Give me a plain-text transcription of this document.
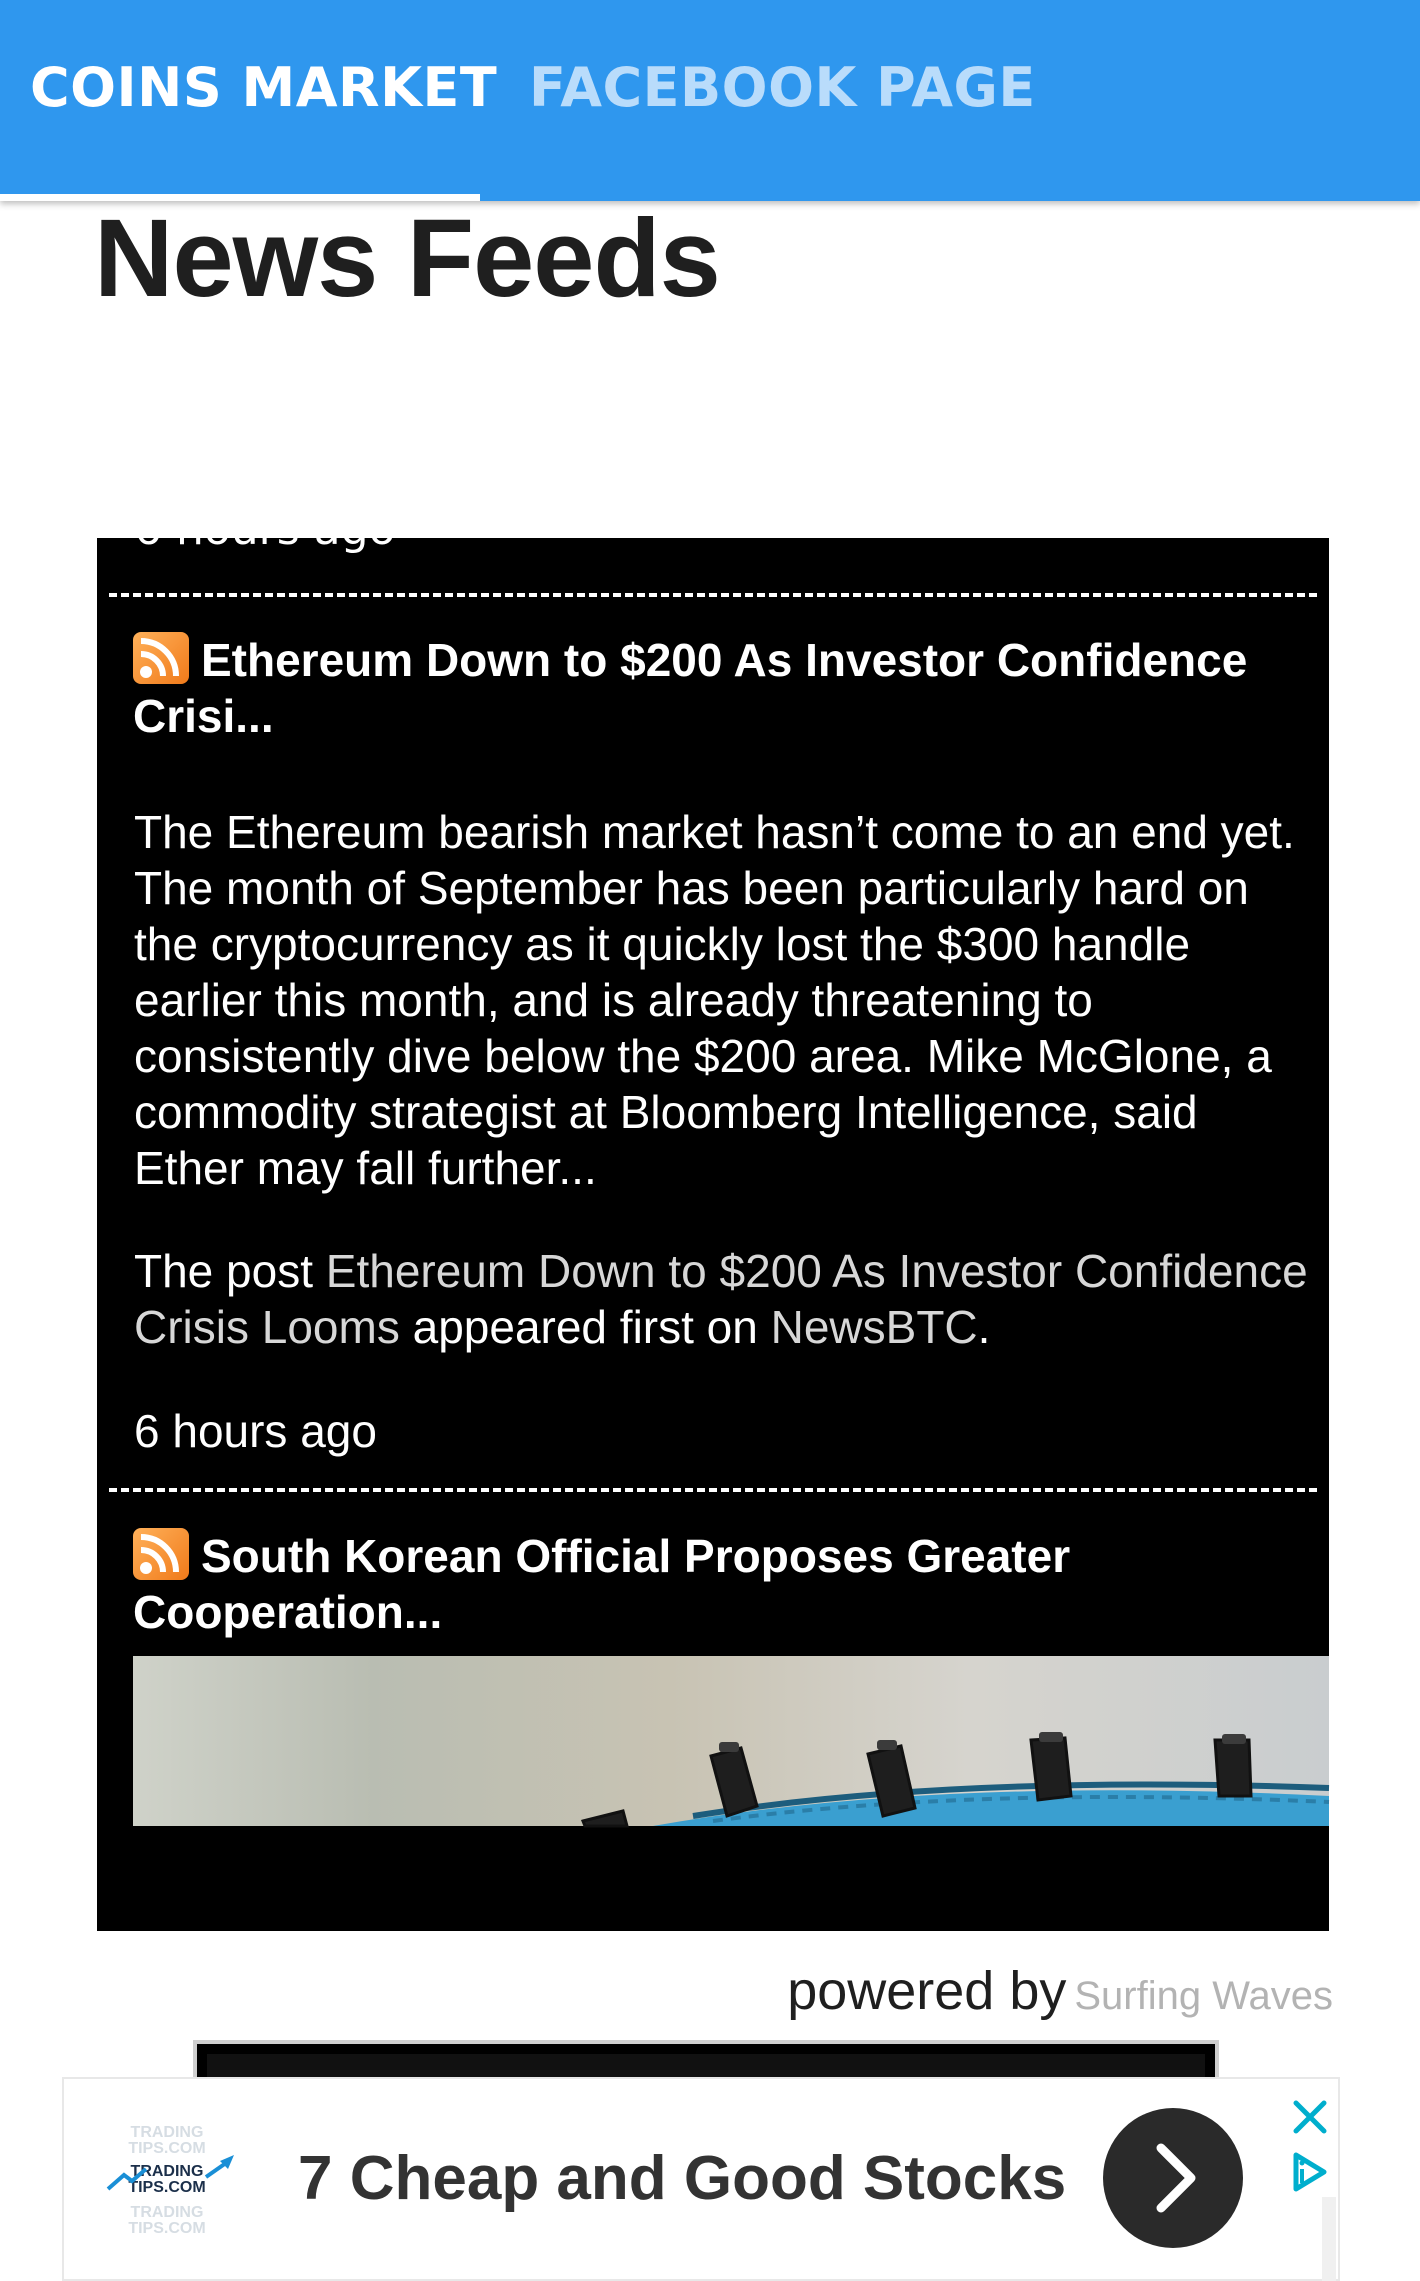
COINS MARKET FACEBOOK PAGE
News Feeds
6 hours ago

Ethereum Down to $200 As Investor Confidence Crisi...

The Ethereum bearish market hasn’t come to an end yet. The month of September has been particularly hard on the cryptocurrency as it quickly lost the $300 handle earlier this month, and is already threatening to consistently dive below the $200 area. Mike McGlone, a commodity strategist at Bloomberg Intelligence, said Ether may fall further...

The post Ethereum Down to $200 As Investor Confidence Crisis Looms appeared first on NewsBTC.

6 hours ago

South Korean Official Proposes Greater Cooperation...

powered by Surfing Waves
TRADING
TIPS.COM
TRADING
TIPS.COM
TRADING
TIPS.COM
7 Cheap and Good Stocks
